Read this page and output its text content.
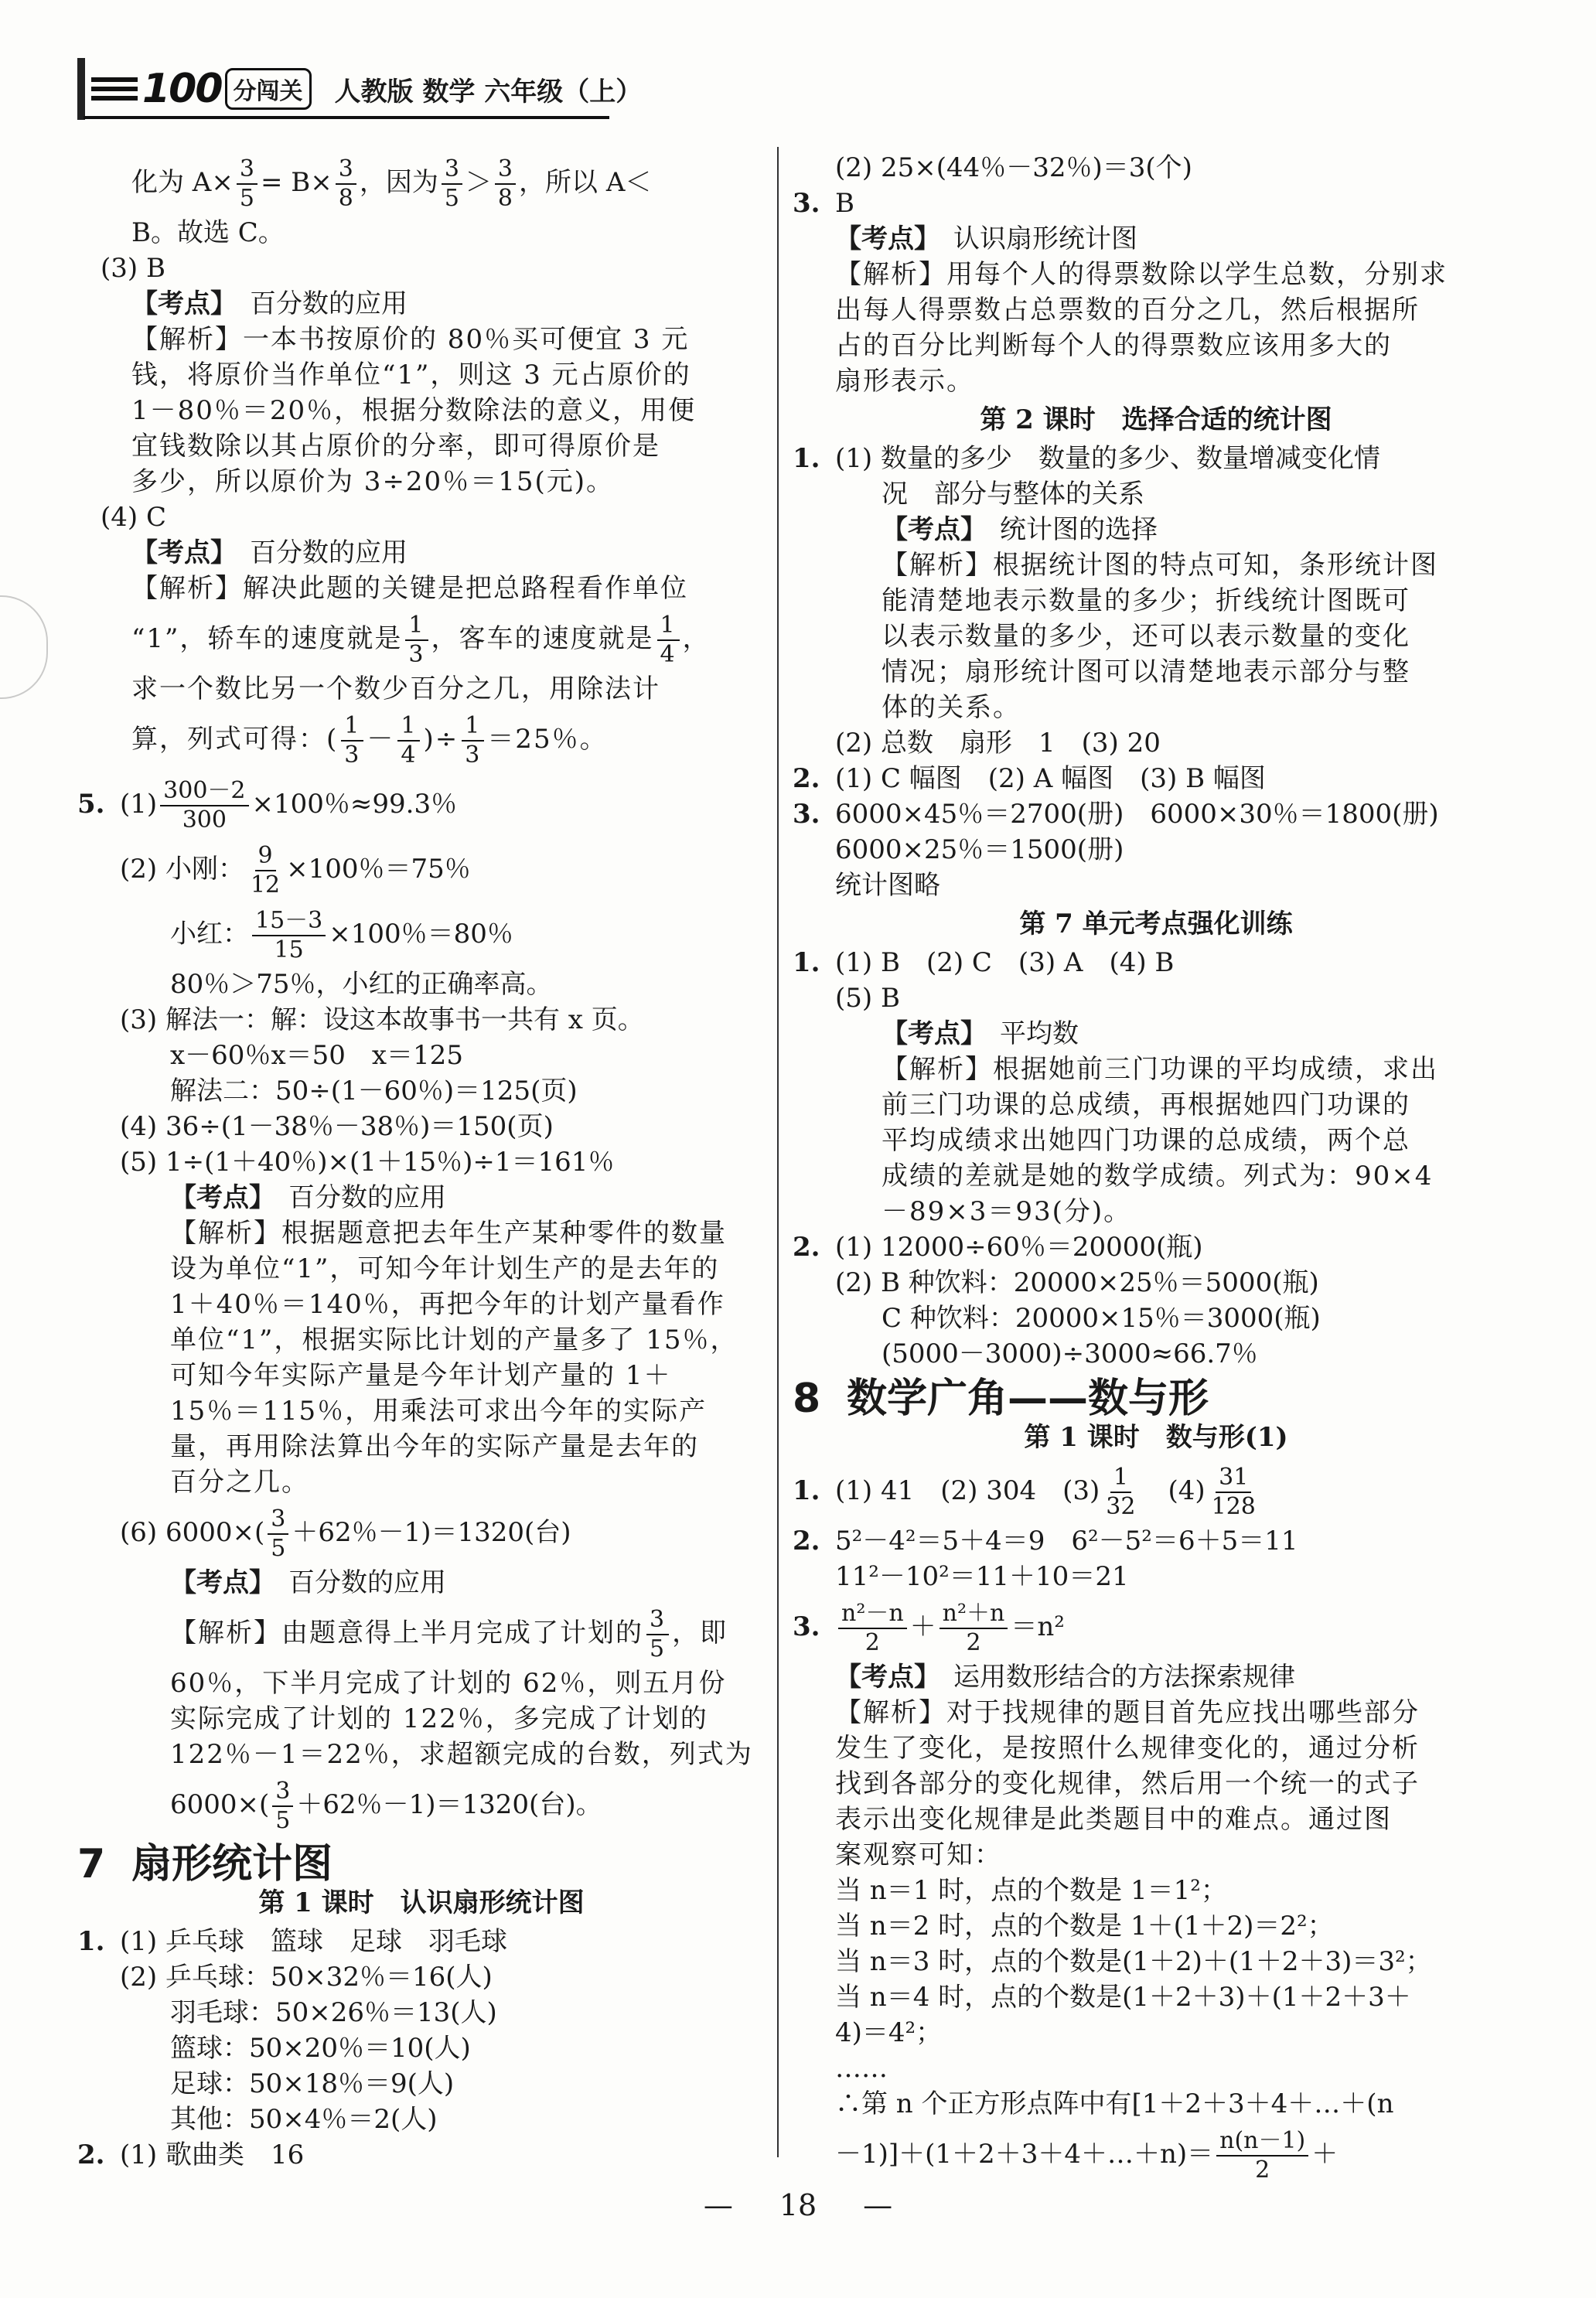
100 分闯关	人教版 数学 六年级（上）
化为 $A\times \frac{3}{5} = B\times \frac{3}{8}$ ，因为 $\frac{3}{5} > \frac{3}{8}$ ，所以 A＜
B。故选 C。
(3) B
【考点】　 百分数的应用
【解析】一本书按原价的 80％买可便宜 3 元
钱，将原价当作单位“1”，则这 3 元占原价的
1－80％＝20％，根据分数除法的意义，用便
宜钱数除以其占原价的分率，即可得原价是
多少，所以原价为 3÷20％＝15(元)。
(4) C
【考点】　 百分数的应用
【解析】解决此题的关键是把总路程看作单位
“1”，轿车的速度就是 $\frac{1}{3}$ ，客车的速度就是 $\frac{1}{4}$ ，
求一个数比另一个数少百分之几，用除法计
算，列式可得：( $\frac{1}{3} - \frac{1}{4}$ )÷ $\frac{1}{3} =25$％。
5. $(1) \frac{300-2}{300} \times 100$％≈99.3％
(2) 小刚： $\frac{9}{12} \times 100$％＝75％
小红： $\frac{15-3}{15} \times 100$％＝80％
80％＞75％，小红的正确率高。
(3) 解法一：解：设这本故事书一共有 x 页。
x－60％x＝50　x＝125
解法二：50÷(1－60％)＝125(页)
(4) 36÷(1－38％－38％)＝150(页)
(5) 1÷(1＋40％)×(1＋15％)÷1＝161％
【考点】　 百分数的应用
【解析】根据题意把去年生产某种零件的数量
设为单位“1”，可知今年计划生产的是去年的
1＋40％＝140％，再把今年的计划产量看作
单位“1”，根据实际比计划的产量多了 15％，
可知今年实际产量是今年计划产量的 1＋
15％＝115％，用乘法可求出今年的实际产
量，再用除法算出今年的实际产量是去年的
百分之几。
(6) $6000\times( \frac{3}{5} +62$％－1)＝1320(台)
【考点】　 百分数的应用
【解析】由题意得上半月完成了计划的 $\frac{3}{5}$ ，即
60％，下半月完成了计划的 62％，则五月份
实际完成了计划的 122％，多完成了计划的
122％－1＝22％，求超额完成的台数，列式为
$6000\times( \frac{3}{5} +62$％－1)＝1320(台)。
7 扇形统计图
第 1 课时　认识扇形统计图
1. (1) 乒乓球　篮球　足球　羽毛球
(2) 乒乓球：50×32％＝16(人)
羽毛球：50×26％＝13(人)
篮球：50×20％＝10(人)
足球：50×18％＝9(人)
其他：50×4％＝2(人)
2. (1) 歌曲类　16
(2) 25×(44％－32％)＝3(个)
3. B
【考点】　 认识扇形统计图
【解析】用每个人的得票数除以学生总数，分别求
出每人得票数占总票数的百分之几，然后根据所
占的百分比判断每个人的得票数应该用多大的
扇形表示。
第 2 课时　选择合适的统计图
1. (1) 数量的多少　数量的多少、数量增减变化情
况　部分与整体的关系
【考点】　 统计图的选择
【解析】根据统计图的特点可知，条形统计图
能清楚地表示数量的多少；折线统计图既可
以表示数量的多少，还可以表示数量的变化
情况；扇形统计图可以清楚地表示部分与整
体的关系。
(2) 总数　扇形　1　(3) 20
2. (1) C 幅图　(2) A 幅图　(3) B 幅图
3. 6000×45％＝2700(册)　6000×30％＝1800(册)
6000×25％＝1500(册)
统计图略
第 7 单元考点强化训练
1. (1) B　(2) C　(3) A　(4) B
(5) B
【考点】　 平均数
【解析】根据她前三门功课的平均成绩，求出
前三门功课的总成绩，再根据她四门功课的
平均成绩求出她四门功课的总成绩，两个总
成绩的差就是她的数学成绩。列式为：90×4
－89×3＝93(分)。
2. (1) 12000÷60％＝20000(瓶)
(2) B 种饮料：20000×25％＝5000(瓶)
C 种饮料：20000×15％＝3000(瓶)
(5000－3000)÷3000≈66.7％
8 数学广角——数与形
第 1 课时　数与形(1)
1. (1) 41　(2) 304　$(3) \frac{1}{32}$
　 $(4) \frac{31}{128}$
2. 5²－4²＝5＋4＝9　6²－5²＝6＋5＝11
11²－10²＝11＋10＝21
3. $\frac{\text{n²－n}}{2} + \frac{\text{n²＋n}}{2} =n^2$
【考点】　 运用数形结合的方法探索规律
【解析】对于找规律的题目首先应找出哪些部分
发生了变化，是按照什么规律变化的，通过分析
找到各部分的变化规律，然后用一个统一的式子
表示出变化规律是此类题目中的难点。通过图
案观察可知：
当 n＝1 时，点的个数是 1＝1²；
当 n＝2 时，点的个数是 1＋(1＋2)＝2²；
当 n＝3 时，点的个数是(1＋2)＋(1＋2＋3)＝3²；
当 n＝4 时，点的个数是(1＋2＋3)＋(1＋2＋3＋
4)＝4²；
……
∴第 n 个正方形点阵中有[1＋2＋3＋4＋…＋(n
－1)]＋(1＋2＋3＋4＋…＋n)＝ $\frac{n(n-1)}{2}$ ＋
— 18 —
